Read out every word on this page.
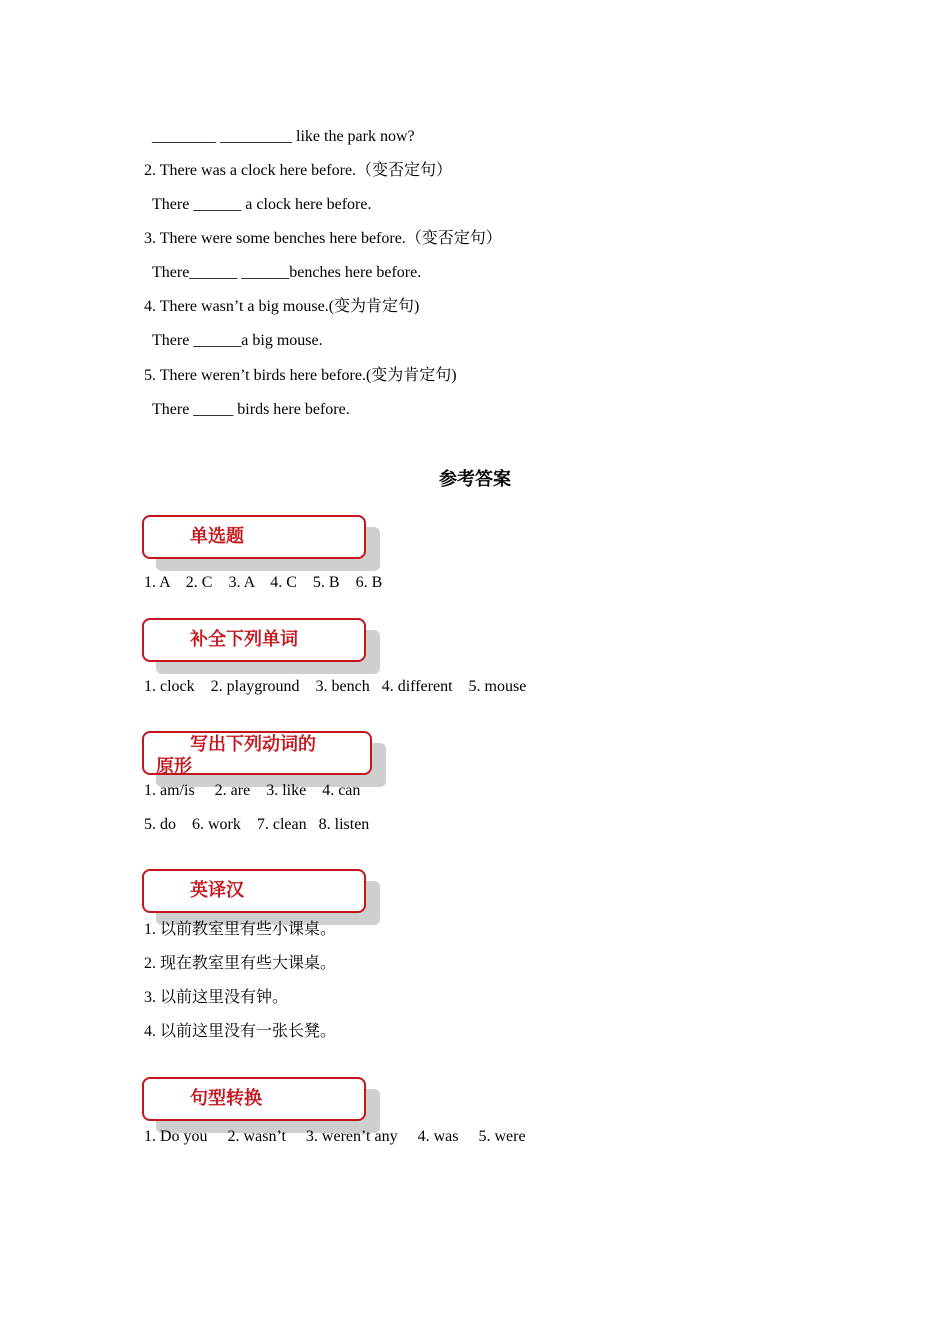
________ _________ like the park now?
2. There was a clock here before.（变否定句）
There ______ a clock here before.
3. There were some benches here before.（变否定句）
There______ ______benches here before.
4. There wasn’t a big mouse.(变为肯定句)
There ______a big mouse.
5. There weren’t birds here before.(变为肯定句)
There _____ birds here before.
参考答案
单选题
1. A    2. C    3. A    4. C    5. B    6. B
补全下列单词
1. clock    2. playground    3. bench   4. different    5. mouse
写出下列动词的原形
1. am/is     2. are    3. like    4. can
5. do    6. work    7. clean   8. listen
英译汉
1. 以前教室里有些小课桌。
2. 现在教室里有些大课桌。
3. 以前这里没有钟。
4. 以前这里没有一张长凳。
句型转换
1. Do you     2. wasn’t     3. weren’t any     4. was     5. were
